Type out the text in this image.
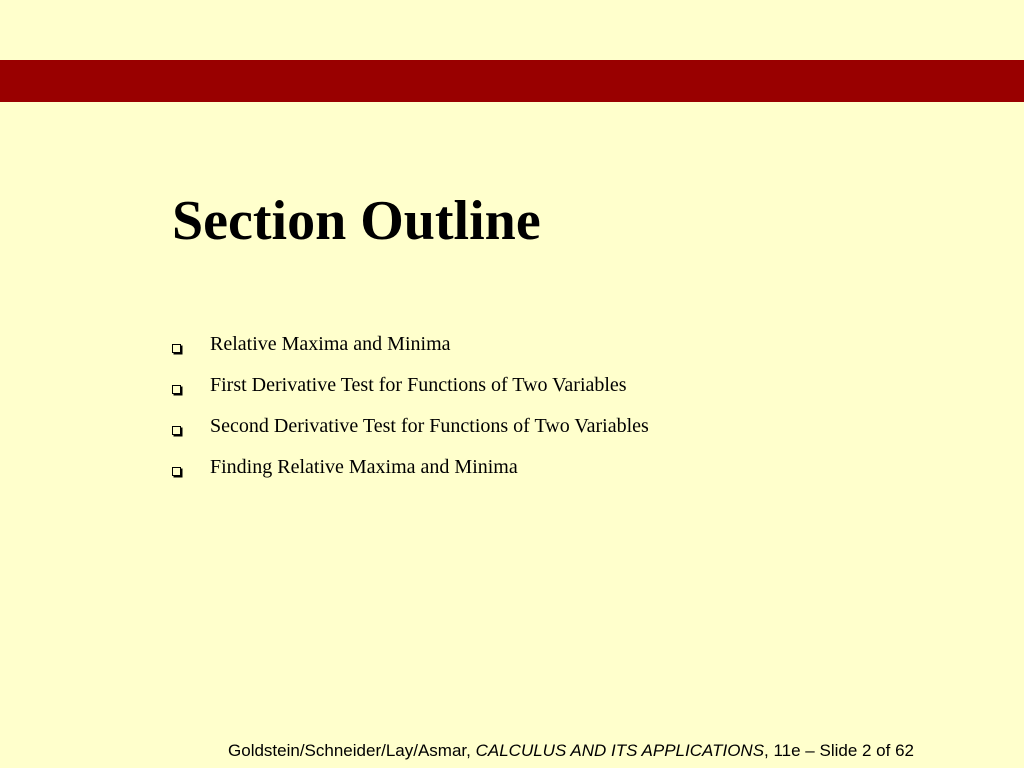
Section Outline
Relative Maxima and Minima
First Derivative Test for Functions of Two Variables
Second Derivative Test for Functions of Two Variables
Finding Relative Maxima and Minima
Goldstein/Schneider/Lay/Asmar, CALCULUS AND ITS APPLICATIONS, 11e – Slide 2 of 62
